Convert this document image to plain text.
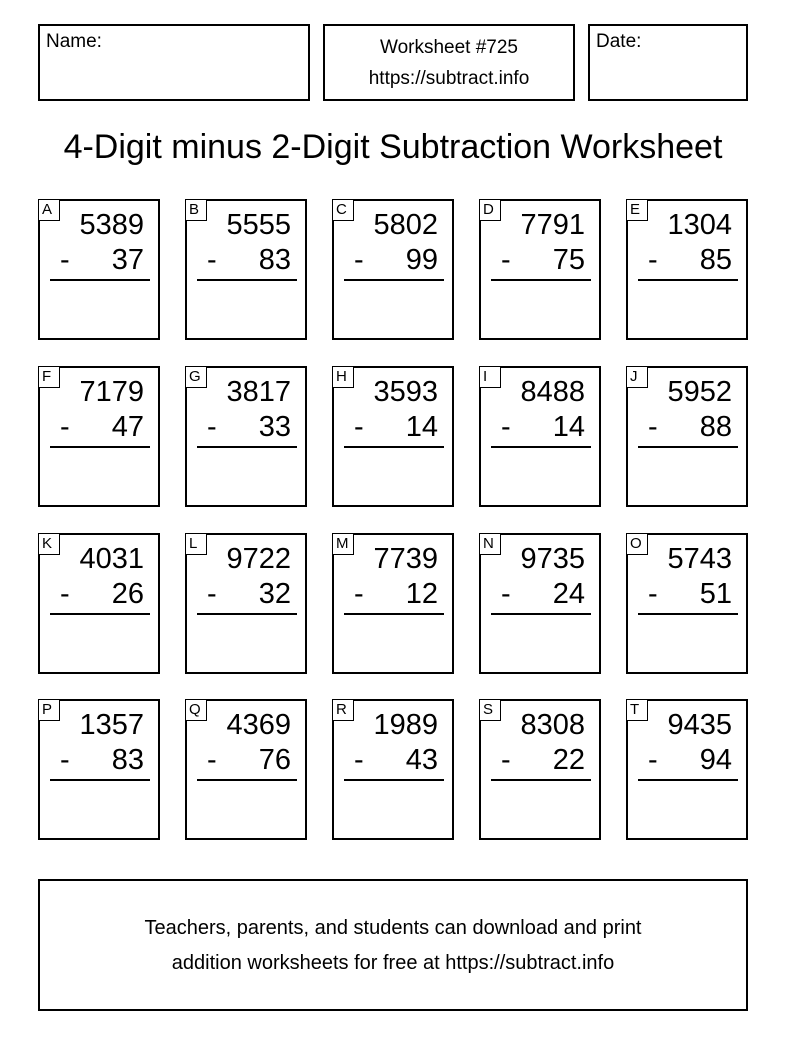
Name:	Worksheet #725
https://subtract.info
Date:
4-Digit minus 2-Digit Subtraction Worksheet
A 5389
- 37
B 5555
- 83
C 5802
- 99
D 7791
- 75
E 1304
- 85
F 7179
- 47
G 3817
- 33
H 3593
- 14
I	8488
- 14
J	5952
- 88
K 4031
- 26
L	9722
- 32
M 7739
- 12
N 9735
- 24
O 5743
- 51
P 1357
- 83
Q 4369
- 76
R 1989
- 43
S 8308
- 22
T 9435
- 94
Teachers, parents, and students can download and print
addition worksheets for free at https://subtract.info
